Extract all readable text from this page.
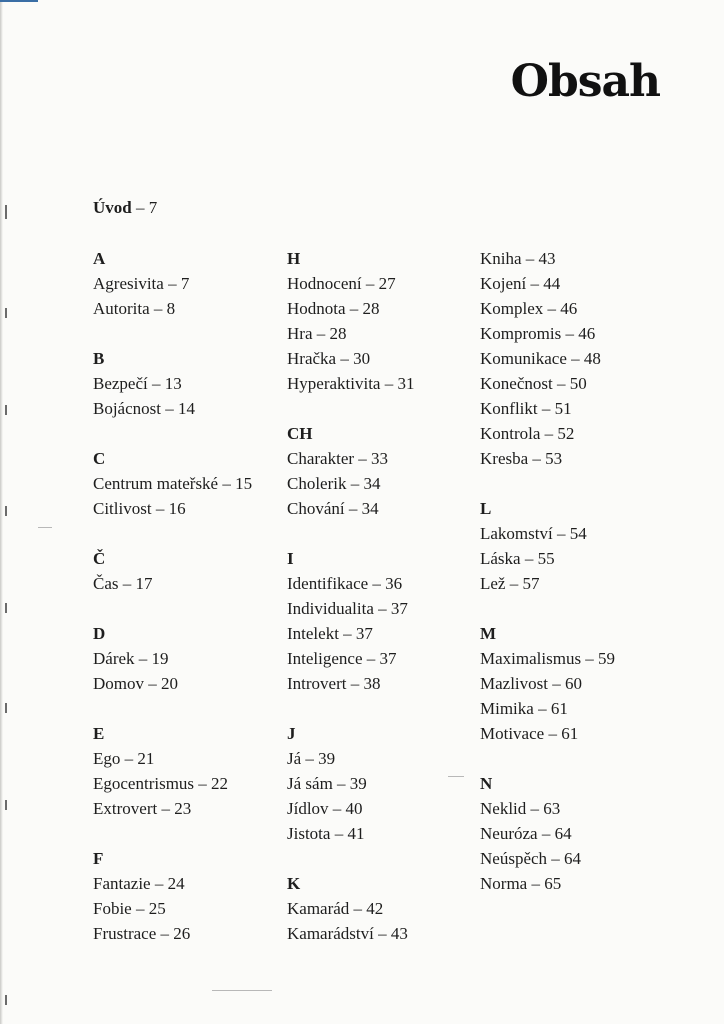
Obsah
Úvod – 7
A
Agresivita – 7
Autorita – 8
B
Bezpečí – 13
Bojácnost – 14
C
Centrum mateřské – 15
Citlivost – 16
Č
Čas – 17
D
Dárek – 19
Domov – 20
E
Ego – 21
Egocentrismus – 22
Extrovert – 23
F
Fantazie – 24
Fobie – 25
Frustrace – 26
H
Hodnocení – 27
Hodnota – 28
Hra – 28
Hračka – 30
Hyperaktivita – 31
CH
Charakter – 33
Cholerik – 34
Chování – 34
I
Identifikace – 36
Individualita – 37
Intelekt – 37
Inteligence – 37
Introvert – 38
J
Já – 39
Já sám – 39
Jídlov – 40
Jistota – 41
K
Kamarád – 42
Kamarádství – 43
Kniha – 43
Kojení – 44
Komplex – 46
Kompromis – 46
Komunikace – 48
Konečnost – 50
Konflikt – 51
Kontrola – 52
Kresba – 53
L
Lakomství – 54
Láska – 55
Lež – 57
M
Maximalismus – 59
Mazlivost – 60
Mimika – 61
Motivace – 61
N
Neklid – 63
Neuróza – 64
Neúspěch – 64
Norma – 65
